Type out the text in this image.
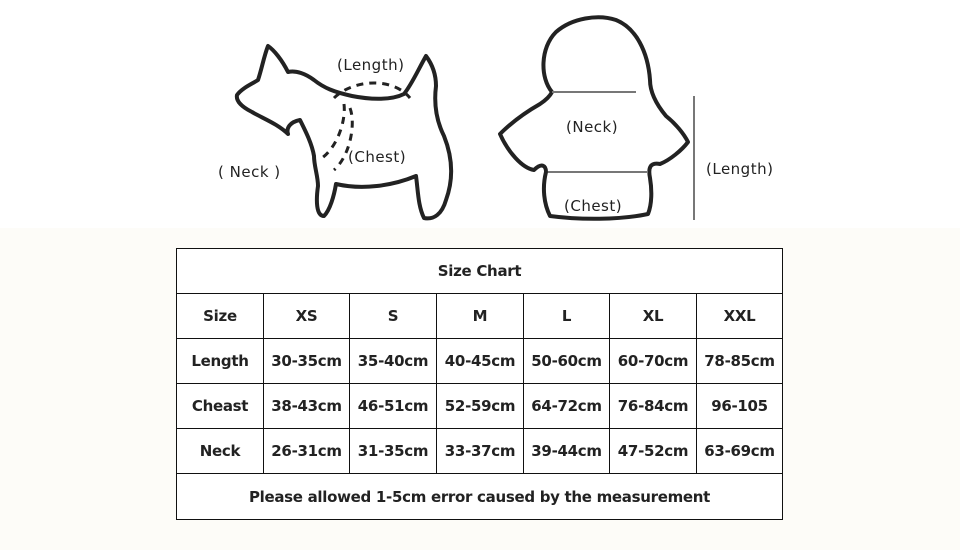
(Length)
( Neck )
(Chest)
(Neck)
(Chest)
(Length)
Size Chart						
Size	XS	S	M	L	XL	XXL
Length	30-35cm	35-40cm	40-45cm	50-60cm	60-70cm	78-85cm
Cheast	38-43cm	46-51cm	52-59cm	64-72cm	76-84cm	96-105
Neck	26-31cm	31-35cm	33-37cm	39-44cm	47-52cm	63-69cm
Please allowed 1-5cm error caused by the measurement						
